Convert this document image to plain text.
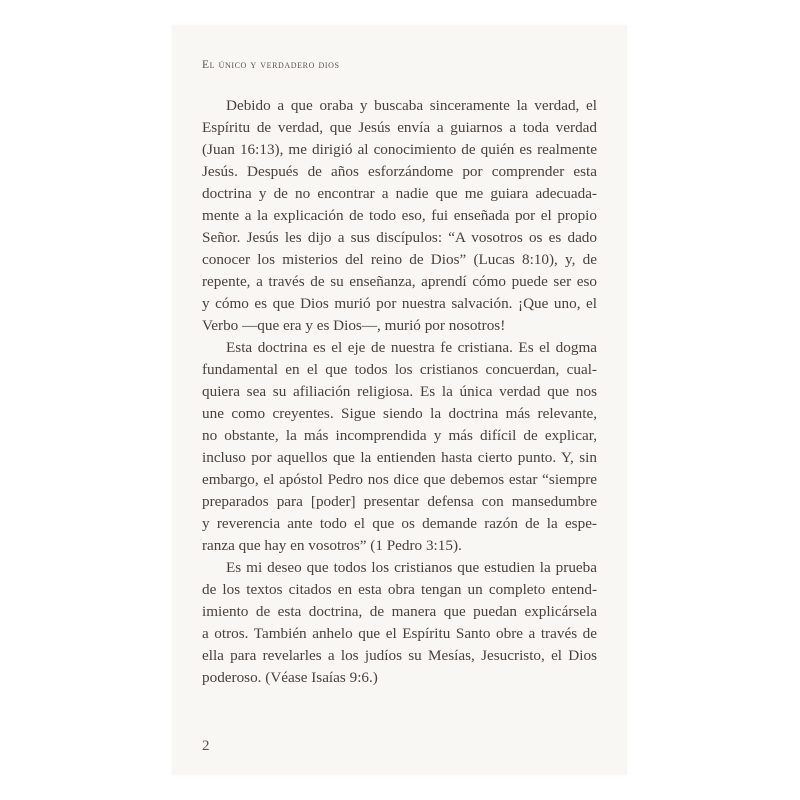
El único y verdadero dios

Debido a que oraba y buscaba sinceramente la verdad, el
Espíritu de verdad, que Jesús envía a guiarnos a toda verdad
(Juan 16:13), me dirigió al conocimiento de quién es realmente
Jesús. Después de años esforzándome por comprender esta
doctrina y de no encontrar a nadie que me guiara adecuada-
mente a la explicación de todo eso, fui enseñada por el propio
Señor. Jesús les dijo a sus discípulos: “A vosotros os es dado
conocer los misterios del reino de Dios” (Lucas 8:10), y, de
repente, a través de su enseñanza, aprendí cómo puede ser eso
y cómo es que Dios murió por nuestra salvación. ¡Que uno, el
Verbo —que era y es Dios—, murió por nosotros!

Esta doctrina es el eje de nuestra fe cristiana. Es el dogma
fundamental en el que todos los cristianos concuerdan, cual-
quiera sea su afiliación religiosa. Es la única verdad que nos
une como creyentes. Sigue siendo la doctrina más relevante,
no obstante, la más incomprendida y más difícil de explicar,
incluso por aquellos que la entienden hasta cierto punto. Y, sin
embargo, el apóstol Pedro nos dice que debemos estar “siempre
preparados para [poder] presentar defensa con mansedumbre
y reverencia ante todo el que os demande razón de la espe-
ranza que hay en vosotros” (1 Pedro 3:15).

Es mi deseo que todos los cristianos que estudien la prueba
de los textos citados en esta obra tengan un completo entend-
imiento de esta doctrina, de manera que puedan explicársela
a otros. También anhelo que el Espíritu Santo obre a través de
ella para revelarles a los judíos su Mesías, Jesucristo, el Dios
poderoso. (Véase Isaías 9:6.)

2
